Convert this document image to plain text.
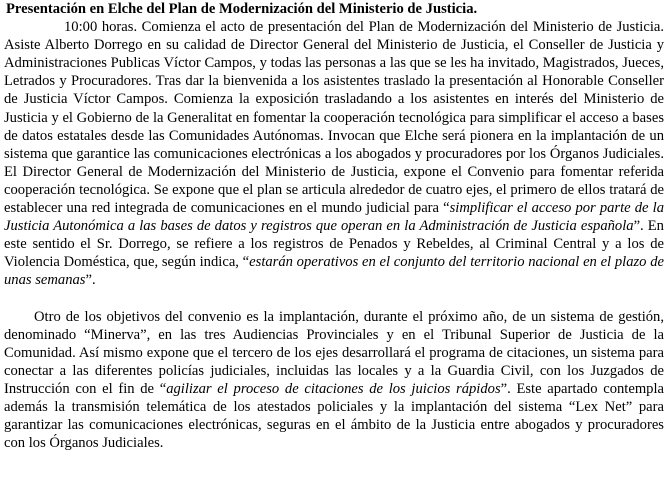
Presentación en Elche del Plan de Modernización del Ministerio de Justicia.

10:00 horas. Comienza el acto de presentación del Plan de Modernización del Ministerio de Justicia. Asiste Alberto Dorrego en su calidad de Director General del Ministerio de Justicia, el Conseller de Justicia y Administraciones Publicas Víctor Campos, y todas las personas a las que se les ha invitado, Magistrados, Jueces, Letrados y Procuradores. Tras dar la bienvenida a los asistentes traslado la presentación al Honorable Conseller de Justicia Víctor Campos. Comienza la exposición trasladando a los asistentes en interés del Ministerio de Justicia y el Gobierno de la Generalitat en fomentar la cooperación tecnológica para simplificar el acceso a bases de datos estatales desde las Comunidades Autónomas. Invocan que Elche será pionera en la implantación de un sistema que garantice las comunicaciones electrónicas a los abogados y procuradores por los Órganos Judiciales. El Director General de Modernización del Ministerio de Justicia, expone el Convenio para fomentar referida cooperación tecnológica. Se expone que el plan se articula alrededor de cuatro ejes, el primero de ellos tratará de establecer una red integrada de comunicaciones en el mundo judicial para “simplificar el acceso por parte de la Justicia Autonómica a las bases de datos y registros que operan en la Administración de Justicia española”. En este sentido el Sr. Dorrego, se refiere a los registros de Penados y Rebeldes, al Criminal Central y a los de Violencia Doméstica, que, según indica, “estarán operativos en el conjunto del territorio nacional en el plazo de unas semanas”.

Otro de los objetivos del convenio es la implantación, durante el próximo año, de un sistema de gestión, denominado “Minerva”, en las tres Audiencias Provinciales y en el Tribunal Superior de Justicia de la Comunidad. Así mismo expone que el tercero de los ejes desarrollará el programa de citaciones, un sistema para conectar a las diferentes policías judiciales, incluidas las locales y a la Guardia Civil, con los Juzgados de Instrucción con el fin de “agilizar el proceso de citaciones de los juicios rápidos”. Este apartado contempla además la transmisión telemática de los atestados policiales y la implantación del sistema “Lex Net” para garantizar las comunicaciones electrónicas, seguras en el ámbito de la Justicia entre abogados y procuradores con los Órganos Judiciales.
